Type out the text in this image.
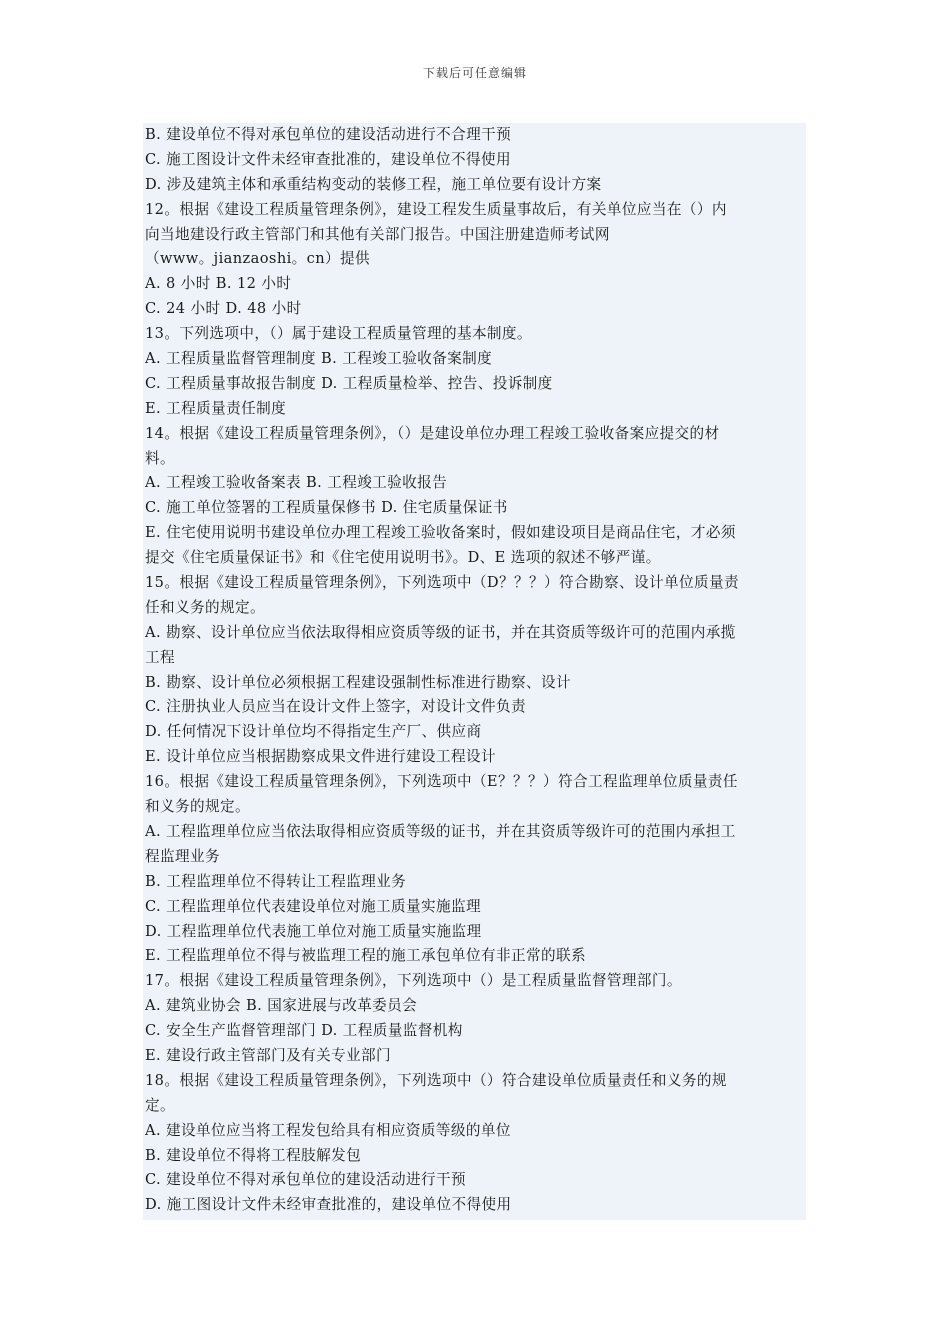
下载后可任意编辑
B. 建设单位不得对承包单位的建设活动进行不合理干预
C. 施工图设计文件未经审查批准的，建设单位不得使用
D. 涉及建筑主体和承重结构变动的装修工程，施工单位要有设计方案
12。根据《建设工程质量管理条例》，建设工程发生质量事故后，有关单位应当在（）内
向当地建设行政主管部门和其他有关部门报告。中国注册建造师考试网
（www。jianzaoshi。cn）提供
A. 8 小时 B. 12 小时
C. 24 小时 D. 48 小时
13。下列选项中，（）属于建设工程质量管理的基本制度。
A. 工程质量监督管理制度 B. 工程竣工验收备案制度
C. 工程质量事故报告制度 D. 工程质量检举、控告、投诉制度
E. 工程质量责任制度
14。根据《建设工程质量管理条例》，（）是建设单位办理工程竣工验收备案应提交的材
料。
A. 工程竣工验收备案表 B. 工程竣工验收报告
C. 施工单位签署的工程质量保修书 D. 住宅质量保证书
E. 住宅使用说明书建设单位办理工程竣工验收备案时，假如建设项目是商品住宅，才必须
提交《住宅质量保证书》和《住宅使用说明书》。D、E 选项的叙述不够严谨。
15。根据《建设工程质量管理条例》，下列选项中（D？？？）符合勘察、设计单位质量责
任和义务的规定。
A. 勘察、设计单位应当依法取得相应资质等级的证书，并在其资质等级许可的范围内承揽
工程
B. 勘察、设计单位必须根据工程建设强制性标准进行勘察、设计
C. 注册执业人员应当在设计文件上签字，对设计文件负责
D. 任何情况下设计单位均不得指定生产厂、供应商
E. 设计单位应当根据勘察成果文件进行建设工程设计
16。根据《建设工程质量管理条例》，下列选项中（E？？？）符合工程监理单位质量责任
和义务的规定。
A. 工程监理单位应当依法取得相应资质等级的证书，并在其资质等级许可的范围内承担工
程监理业务
B. 工程监理单位不得转让工程监理业务
C. 工程监理单位代表建设单位对施工质量实施监理
D. 工程监理单位代表施工单位对施工质量实施监理
E. 工程监理单位不得与被监理工程的施工承包单位有非正常的联系
17。根据《建设工程质量管理条例》，下列选项中（）是工程质量监督管理部门。
A. 建筑业协会 B. 国家进展与改革委员会
C. 安全生产监督管理部门 D. 工程质量监督机构
E. 建设行政主管部门及有关专业部门
18。根据《建设工程质量管理条例》，下列选项中（）符合建设单位质量责任和义务的规
定。
A. 建设单位应当将工程发包给具有相应资质等级的单位
B. 建设单位不得将工程肢解发包
C. 建设单位不得对承包单位的建设活动进行干预
D. 施工图设计文件未经审查批准的，建设单位不得使用
